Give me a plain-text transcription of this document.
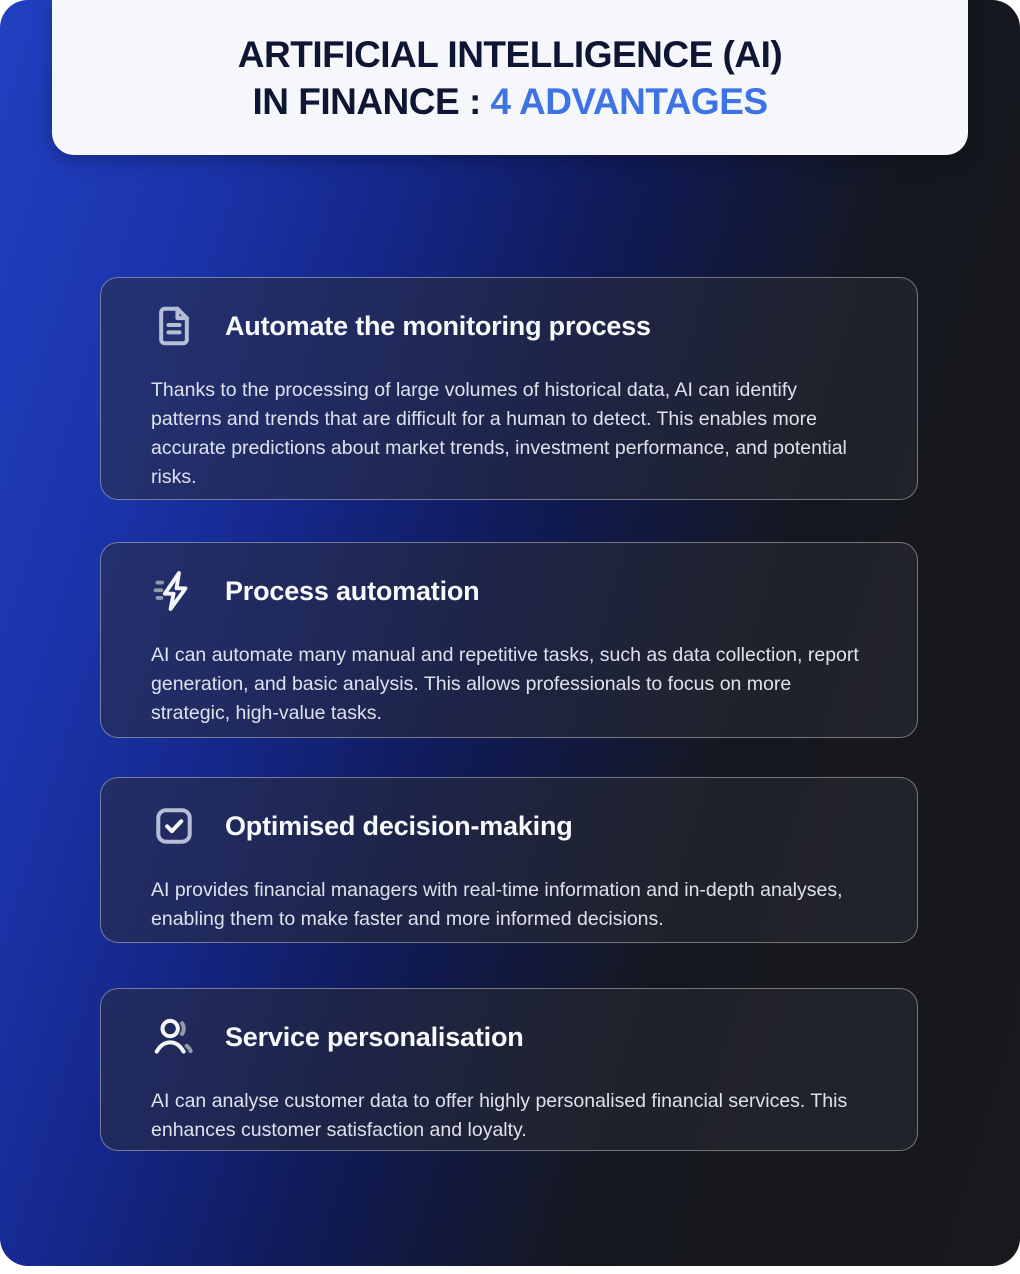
ARTIFICIAL INTELLIGENCE (AI)
IN FINANCE : 4 ADVANTAGES
Automate the monitoring process
Thanks to the processing of large volumes of historical data, AI can identify patterns and trends that are difficult for a human to detect. This enables more accurate predictions about market trends, investment performance, and potential risks.
Process automation
AI can automate many manual and repetitive tasks, such as data collection, report generation, and basic analysis. This allows professionals to focus on more strategic, high-value tasks.
Optimised decision-making
AI provides financial managers with real-time information and in-depth analyses, enabling them to make faster and more informed decisions.
Service personalisation
AI can analyse customer data to offer highly personalised financial services. This enhances customer satisfaction and loyalty.
